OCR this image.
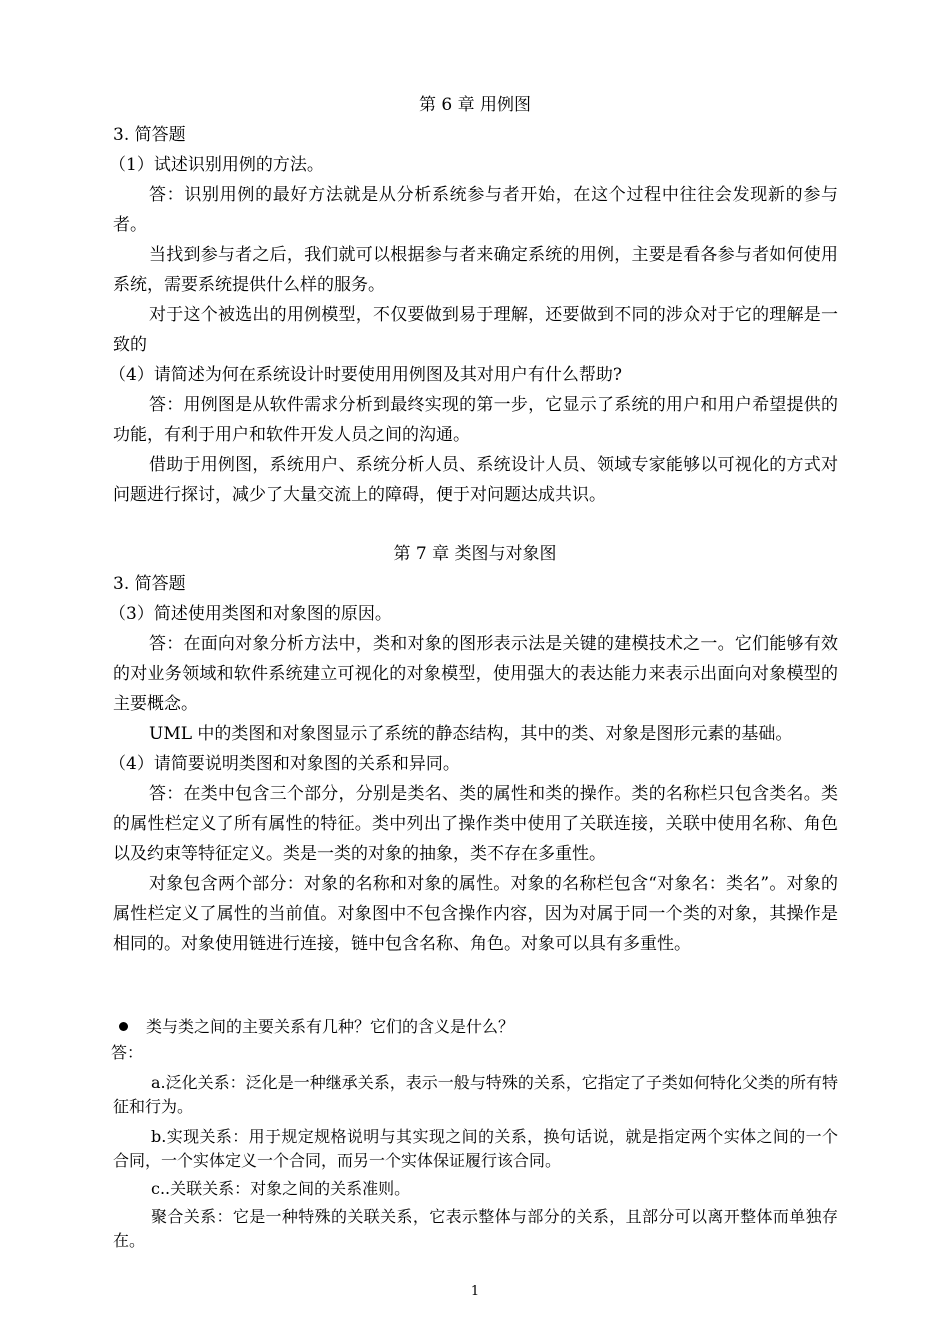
第 6 章 用例图
3. 简答题
（1）试述识别用例的方法。
答：识别用例的最好方法就是从分析系统参与者开始，在这个过程中往往会发现新的参与者。
当找到参与者之后，我们就可以根据参与者来确定系统的用例，主要是看各参与者如何使用系统，需要系统提供什么样的服务。
对于这个被选出的用例模型，不仅要做到易于理解，还要做到不同的涉众对于它的理解是一致的
（4）请简述为何在系统设计时要使用用例图及其对用户有什么帮助?
答：用例图是从软件需求分析到最终实现的第一步，它显示了系统的用户和用户希望提供的功能，有利于用户和软件开发人员之间的沟通。
借助于用例图，系统用户、系统分析人员、系统设计人员、领域专家能够以可视化的方式对问题进行探讨，减少了大量交流上的障碍，便于对问题达成共识。
第 7 章 类图与对象图
3. 简答题
（3）简述使用类图和对象图的原因。
答：在面向对象分析方法中，类和对象的图形表示法是关键的建模技术之一。它们能够有效的对业务领域和软件系统建立可视化的对象模型，使用强大的表达能力来表示出面向对象模型的主要概念。
UML 中的类图和对象图显示了系统的静态结构，其中的类、对象是图形元素的基础。
（4）请简要说明类图和对象图的关系和异同。
答：在类中包含三个部分，分别是类名、类的属性和类的操作。类的名称栏只包含类名。类的属性栏定义了所有属性的特征。类中列出了操作类中使用了关联连接，关联中使用名称、角色以及约束等特征定义。类是一类的对象的抽象，类不存在多重性。
对象包含两个部分：对象的名称和对象的属性。对象的名称栏包含“对象名：类名”。对象的属性栏定义了属性的当前值。对象图中不包含操作内容，因为对属于同一个类的对象，其操作是相同的。对象使用链进行连接，链中包含名称、角色。对象可以具有多重性。
类与类之间的主要关系有几种？它们的含义是什么？
答：
a.泛化关系：泛化是一种继承关系，表示一般与特殊的关系，它指定了子类如何特化父类的所有特征和行为。
b.实现关系：用于规定规格说明与其实现之间的关系，换句话说，就是指定两个实体之间的一个合同，一个实体定义一个合同，而另一个实体保证履行该合同。
c..关联关系：对象之间的关系准则。
聚合关系：它是一种特殊的关联关系，它表示整体与部分的关系，且部分可以离开整体而单独存在。
1
